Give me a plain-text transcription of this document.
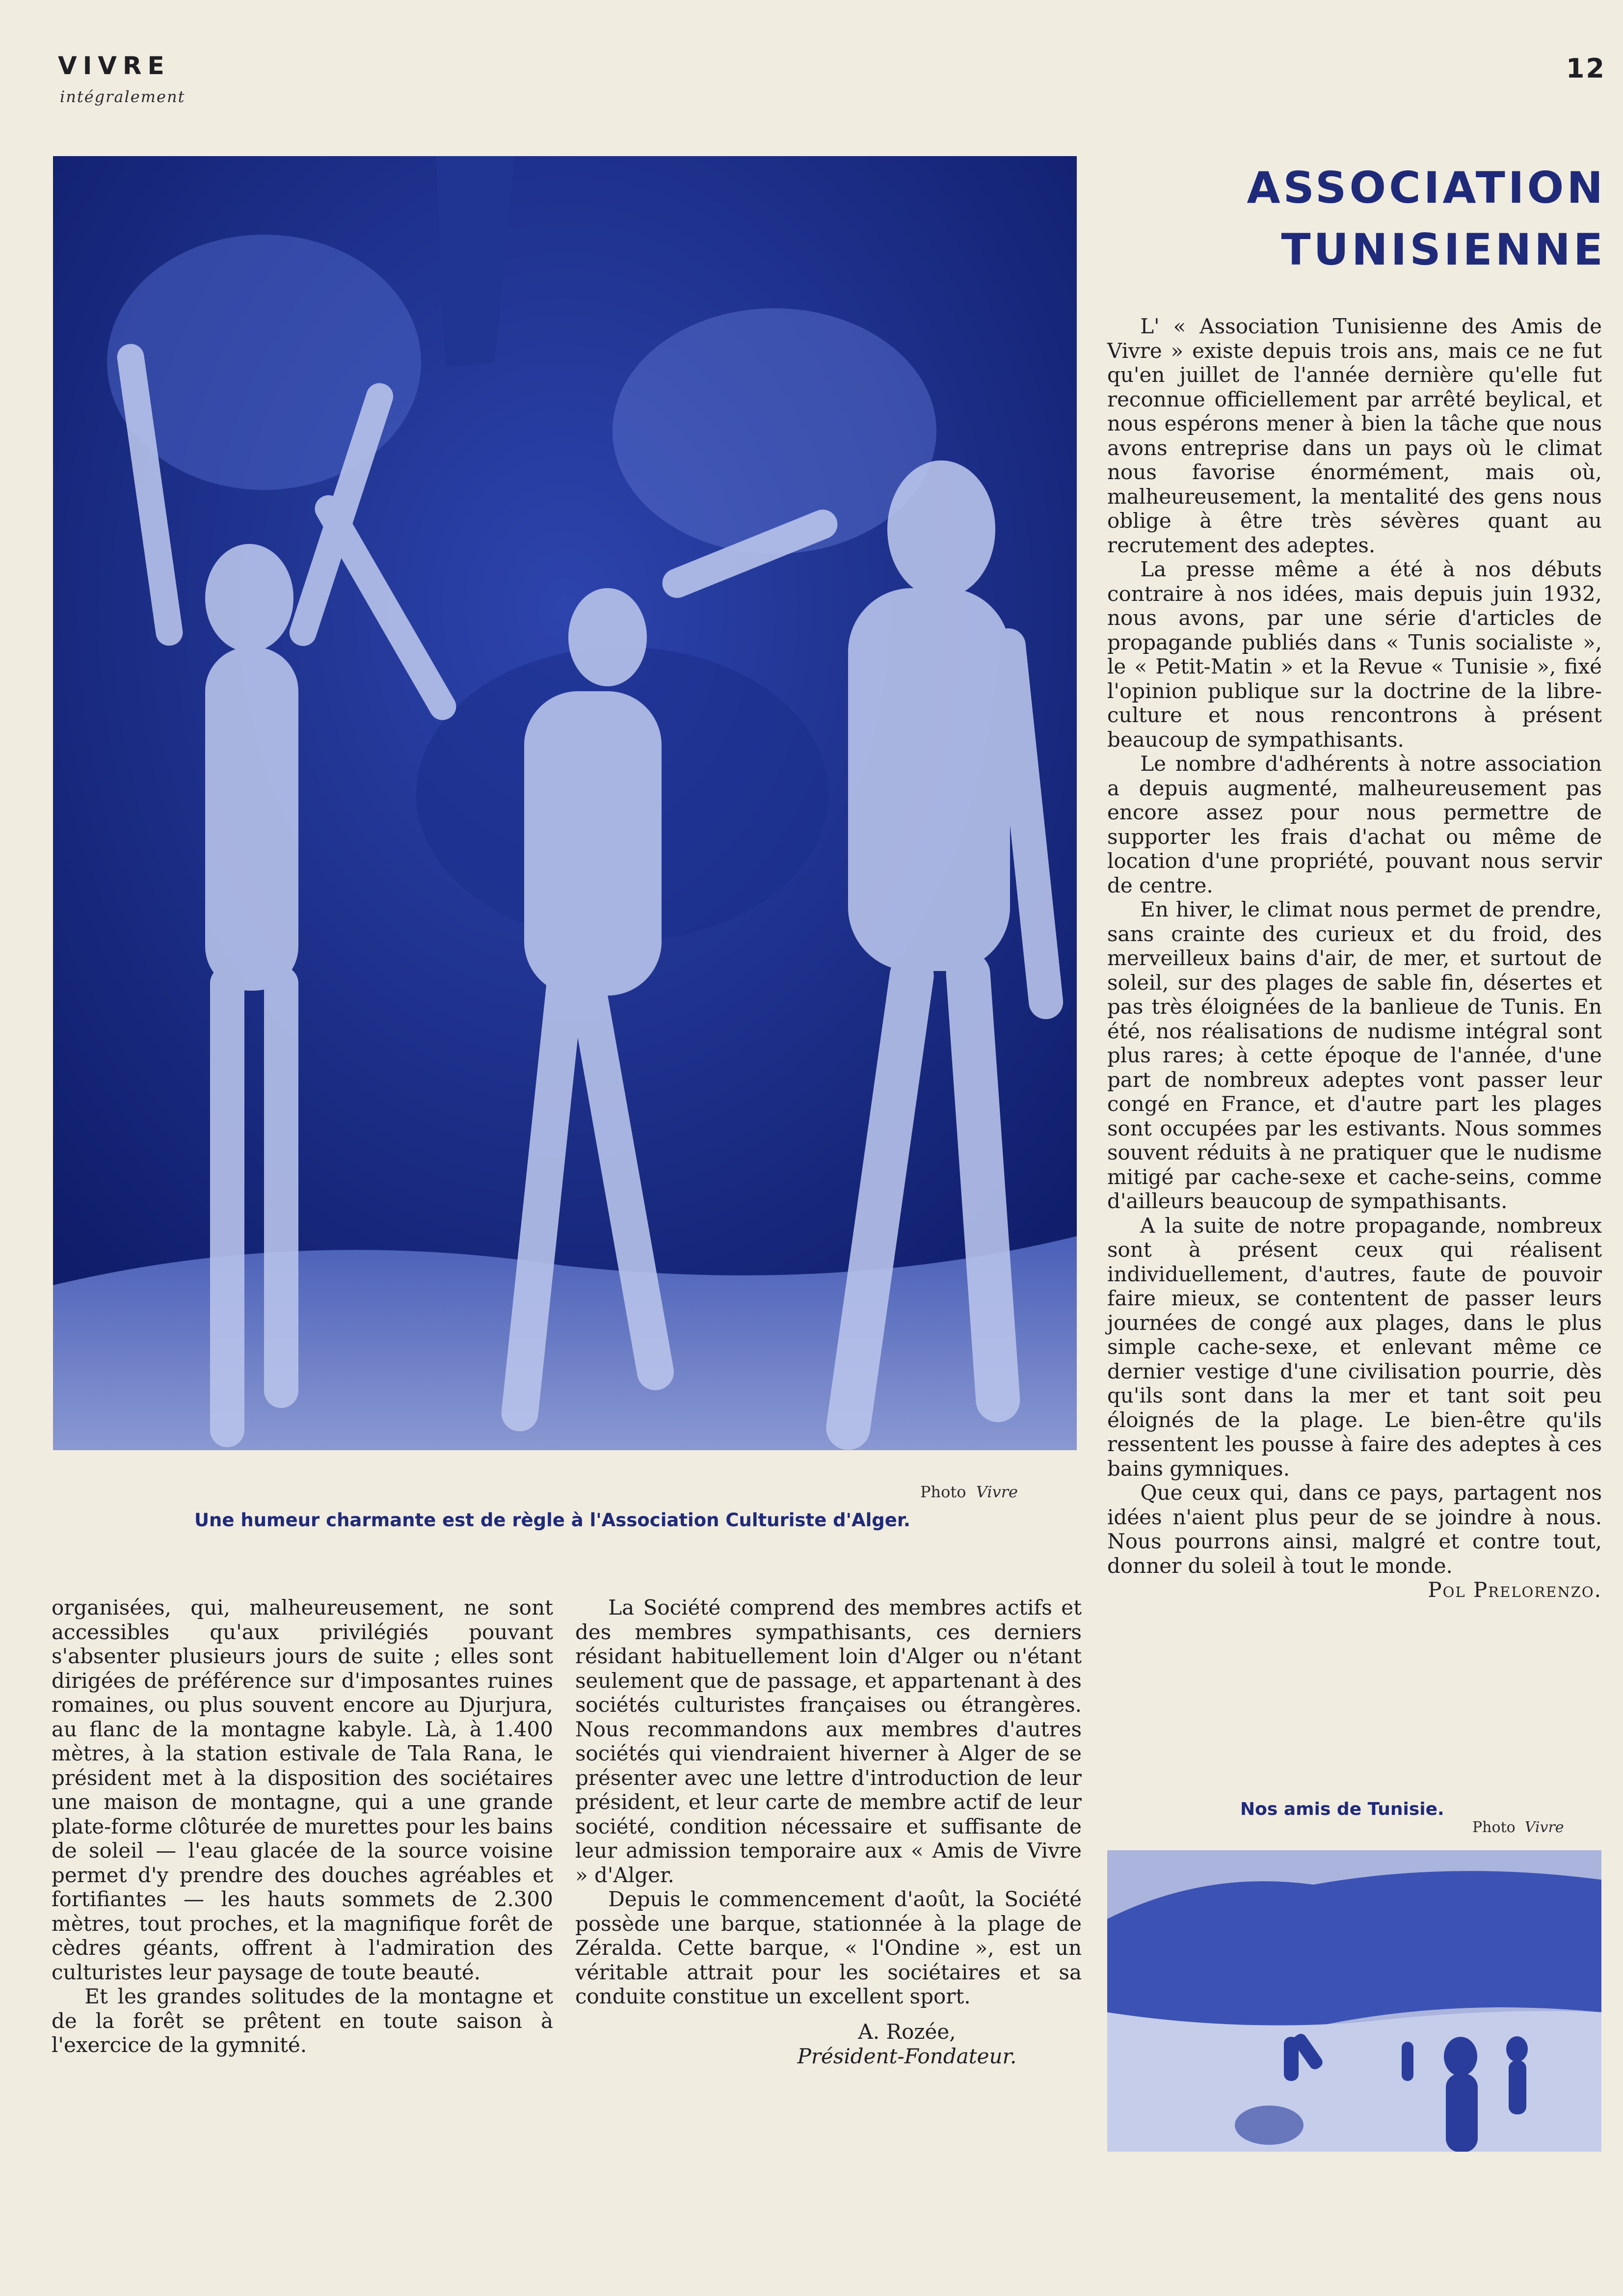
VIVRE
intégralement
12
Photo Vivre
Une humeur charmante est de règle à l'Association Culturiste d'Alger.
ASSOCIATION
TUNISIENNE

L' « Association Tunisienne des Amis de Vivre » existe depuis trois ans, mais ce ne fut qu'en juillet de l'année dernière qu'elle fut reconnue officiellement par arrêté beylical, et nous espérons mener à bien la tâche que nous avons entreprise dans un pays où le climat nous favorise énormément, mais où, malheureusement, la mentalité des gens nous oblige à être très sévères quant au recrutement des adeptes.

La presse même a été à nos débuts contraire à nos idées, mais depuis juin 1932, nous avons, par une série d'articles de propagande publiés dans « Tunis socialiste », le « Petit-Matin » et la Revue « Tunisie », fixé l'opinion publique sur la doctrine de la libre-culture et nous rencontrons à présent beaucoup de sympathisants.

Le nombre d'adhérents à notre association a depuis augmenté, malheureusement pas encore assez pour nous permettre de supporter les frais d'achat ou même de location d'une propriété, pouvant nous servir de centre.

En hiver, le climat nous permet de prendre, sans crainte des curieux et du froid, des merveilleux bains d'air, de mer, et surtout de soleil, sur des plages de sable fin, désertes et pas très éloignées de la banlieue de Tunis. En été, nos réalisations de nudisme intégral sont plus rares; à cette époque de l'année, d'une part de nombreux adeptes vont passer leur congé en France, et d'autre part les plages sont occupées par les estivants. Nous sommes souvent réduits à ne pratiquer que le nudisme mitigé par cache-sexe et cache-seins, comme d'ailleurs beaucoup de sympathisants.

A la suite de notre propagande, nombreux sont à présent ceux qui réalisent individuellement, d'autres, faute de pouvoir faire mieux, se contentent de passer leurs journées de congé aux plages, dans le plus simple cache-sexe, et enlevant même ce dernier vestige d'une civilisation pourrie, dès qu'ils sont dans la mer et tant soit peu éloignés de la plage. Le bien-être qu'ils ressentent les pousse à faire des adeptes à ces bains gymniques.

Que ceux qui, dans ce pays, partagent nos idées n'aient plus peur de se joindre à nous. Nous pourrons ainsi, malgré et contre tout, donner du soleil à tout le monde.

Pol Prelorenzo.

organisées, qui, malheureusement, ne sont accessibles qu'aux privilégiés pouvant s'absenter plusieurs jours de suite ; elles sont dirigées de préférence sur d'imposantes ruines romaines, ou plus souvent encore au Djurjura, au flanc de la montagne kabyle. Là, à 1.400 mètres, à la station estivale de Tala Rana, le président met à la disposition des sociétaires une maison de montagne, qui a une grande plate-forme clôturée de murettes pour les bains de soleil — l'eau glacée de la source voisine permet d'y prendre des douches agréables et fortifiantes — les hauts sommets de 2.300 mètres, tout proches, et la magnifique forêt de cèdres géants, offrent à l'admiration des culturistes leur paysage de toute beauté.

Et les grandes solitudes de la montagne et de la forêt se prêtent en toute saison à l'exercice de la gymnité.

La Société comprend des membres actifs et des membres sympathisants, ces derniers résidant habituellement loin d'Alger ou n'étant seulement que de passage, et appartenant à des sociétés culturistes françaises ou étrangères. Nous recommandons aux membres d'autres sociétés qui viendraient hiverner à Alger de se présenter avec une lettre d'introduction de leur président, et leur carte de membre actif de leur société, condition nécessaire et suffisante de leur admission temporaire aux « Amis de Vivre » d'Alger.

Depuis le commencement d'août, la Société possède une barque, stationnée à la plage de Zéralda. Cette barque, « l'Ondine », est un véritable attrait pour les sociétaires et sa conduite constitue un excellent sport.

A. Rozée,
Président-Fondateur.
Nos amis de Tunisie.
Photo Vivre
